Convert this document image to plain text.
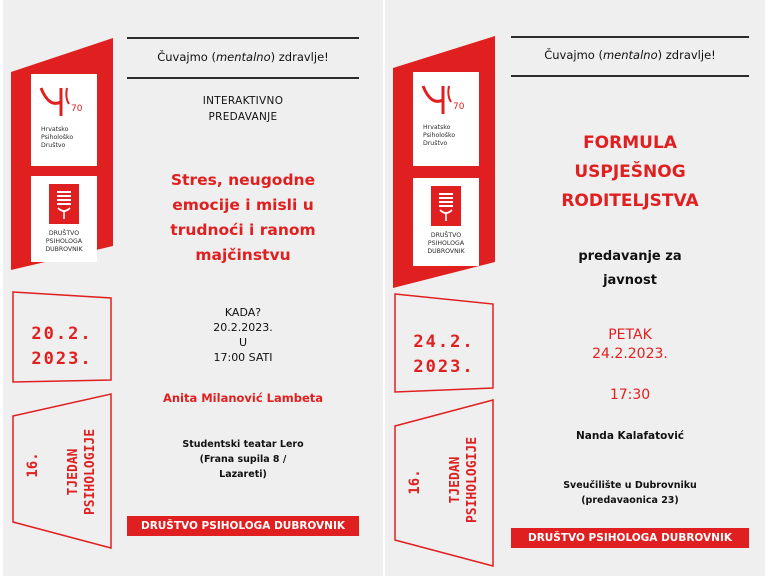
Čuvajmo (mentalno) zdravlje!
70
Hrvatsko
Psihološko
Društvo
DRUŠTVO
PSIHOLOGA
DUBROVNIK
20.2.
2023.
16. TJEDAN PSIHOLOGIJE
INTERAKTIVNO
PREDAVANJE
Stres, neugodne
emocije i misli u
trudnoći i ranom
majčinstvu
KADA?
20.2.2023.
U
17:00 SATI
Anita Milanović Lambeta
Studentski teatar Lero
(Frana supila 8 /
Lazareti)
DRUŠTVO PSIHOLOGA DUBROVNIK
Čuvajmo (mentalno) zdravlje!
70
Hrvatsko
Psihološko
Društvo
DRUŠTVO
PSIHOLOGA
DUBROVNIK
24.2.
2023.
16. TJEDAN PSIHOLOGIJE
FORMULA
USPJEŠNOG
RODITELJSTVA
predavanje za
javnost
PETAK
24.2.2023.
17:30
Nanda Kalafatović
Sveučilište u Dubrovniku
(predavaonica 23)
DRUŠTVO PSIHOLOGA DUBROVNIK
